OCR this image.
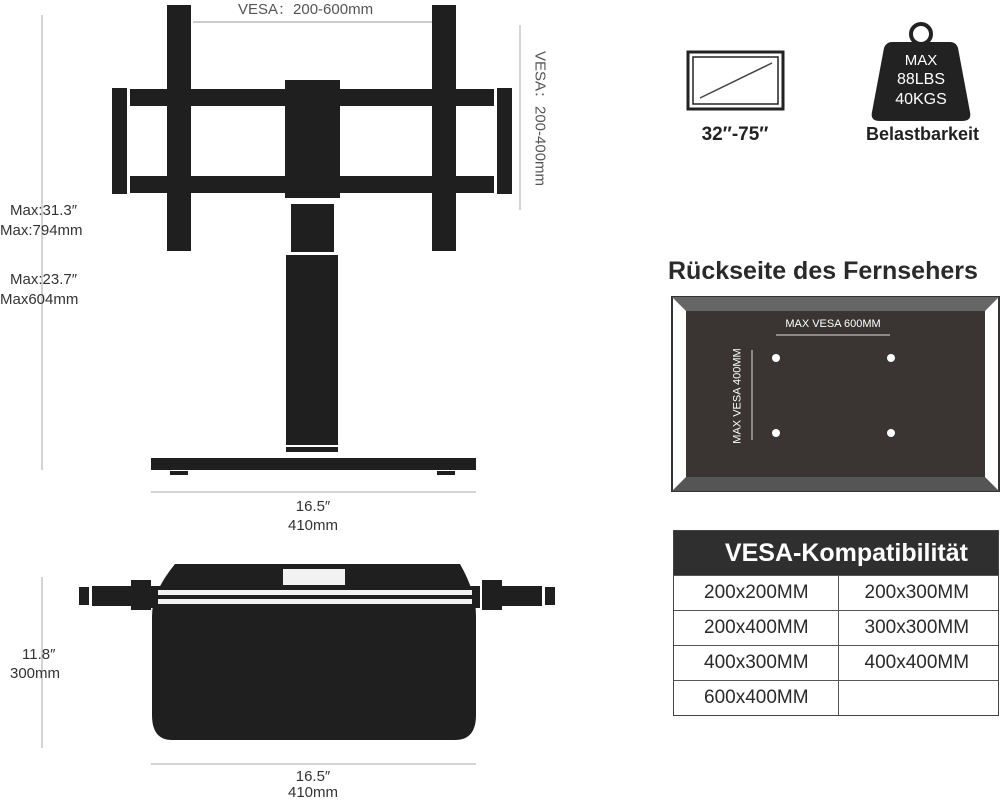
VESA：200-600mm
VESA：200-400mm
Max:31.3″
Max:794mm
Max:23.7″
Max604mm
16.5″
410mm
11.8″
300mm
16.5″
410mm
32″-75″
MAX
88LBS
40KGS
Belastbarkeit
Rückseite des Fernsehers
MAX VESA 600MM
MAX VESA 400MM
VESA-Kompatibilität
200x200MM	200x300MM
200x400MM	300x300MM
400x300MM	400x400MM
600x400MM
